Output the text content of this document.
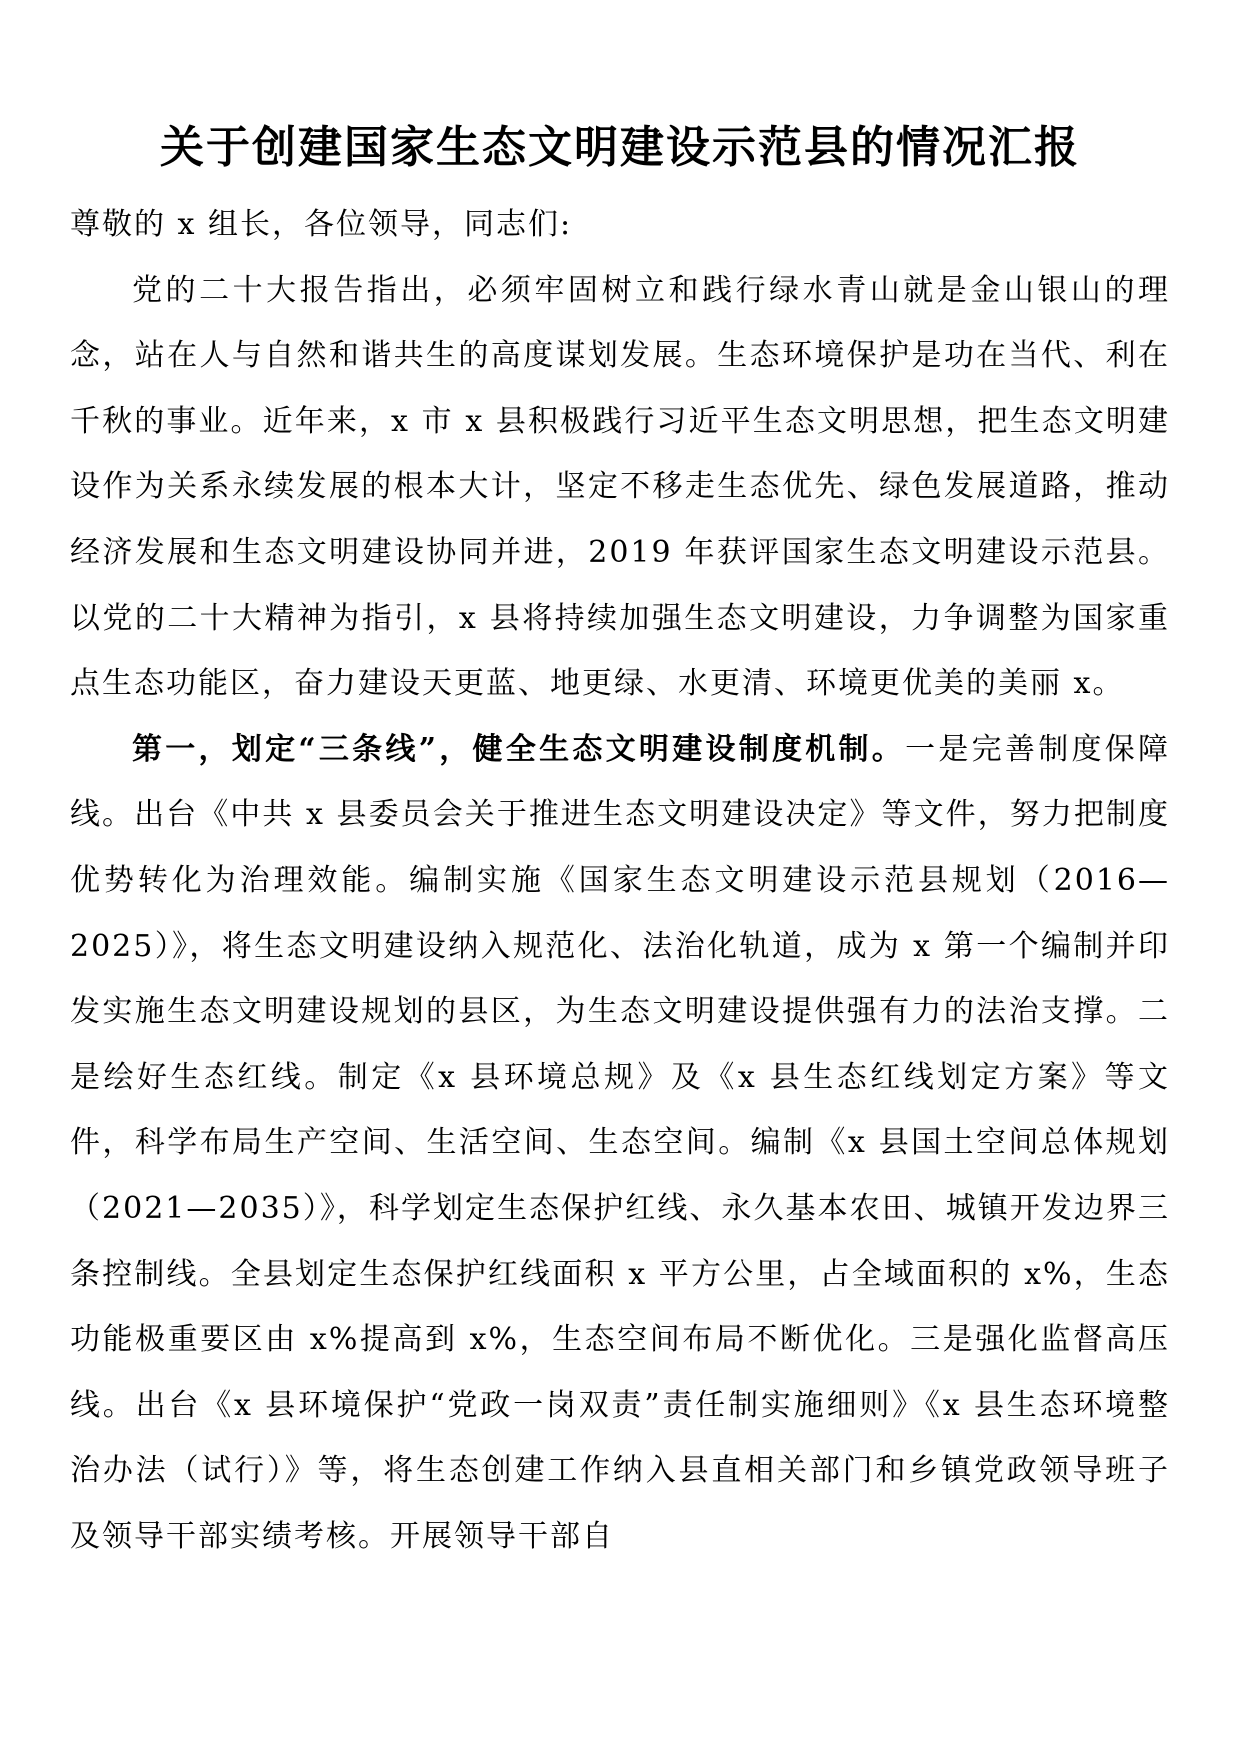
关于创建国家生态文明建设示范县的情况汇报

尊敬的 x 组长，各位领导，同志们:

党的二十大报告指出，必须牢固树立和践行绿水青山就是金山银山的理念，站在人与自然和谐共生的高度谋划发展。生态环境保护是功在当代、利在千秋的事业。近年来，x 市 x 县积极践行习近平生态文明思想，把生态文明建设作为关系永续发展的根本大计，坚定不移走生态优先、绿色发展道路，推动经济发展和生态文明建设协同并进，2019 年获评国家生态文明建设示范县。以党的二十大精神为指引，x 县将持续加强生态文明建设，力争调整为国家重点生态功能区，奋力建设天更蓝、地更绿、水更清、环境更优美的美丽 x。

第一，划定“三条线”，健全生态文明建设制度机制。一是完善制度保障线。出台《中共 x 县委员会关于推进生态文明建设决定》等文件，努力把制度优势转化为治理效能。编制实施《国家生态文明建设示范县规划（2016—2025）》，将生态文明建设纳入规范化、法治化轨道，成为 x 第一个编制并印发实施生态文明建设规划的县区，为生态文明建设提供强有力的法治支撑。二是绘好生态红线。制定《x 县环境总规》及《x 县生态红线划定方案》等文件，科学布局生产空间、生活空间、生态空间。编制《x 县国土空间总体规划（2021—2035）》，科学划定生态保护红线、永久基本农田、城镇开发边界三条控制线。全县划定生态保护红线面积 x 平方公里，占全域面积的 x%，生态功能极重要区由 x%提高到 x%，生态空间布局不断优化。三是强化监督高压线。出台《x 县环境保护“党政一岗双责”责任制实施细则》《x 县生态环境整治办法（试行）》等，将生态创建工作纳入县直相关部门和乡镇党政领导班子及领导干部实绩考核。开展领导干部自
